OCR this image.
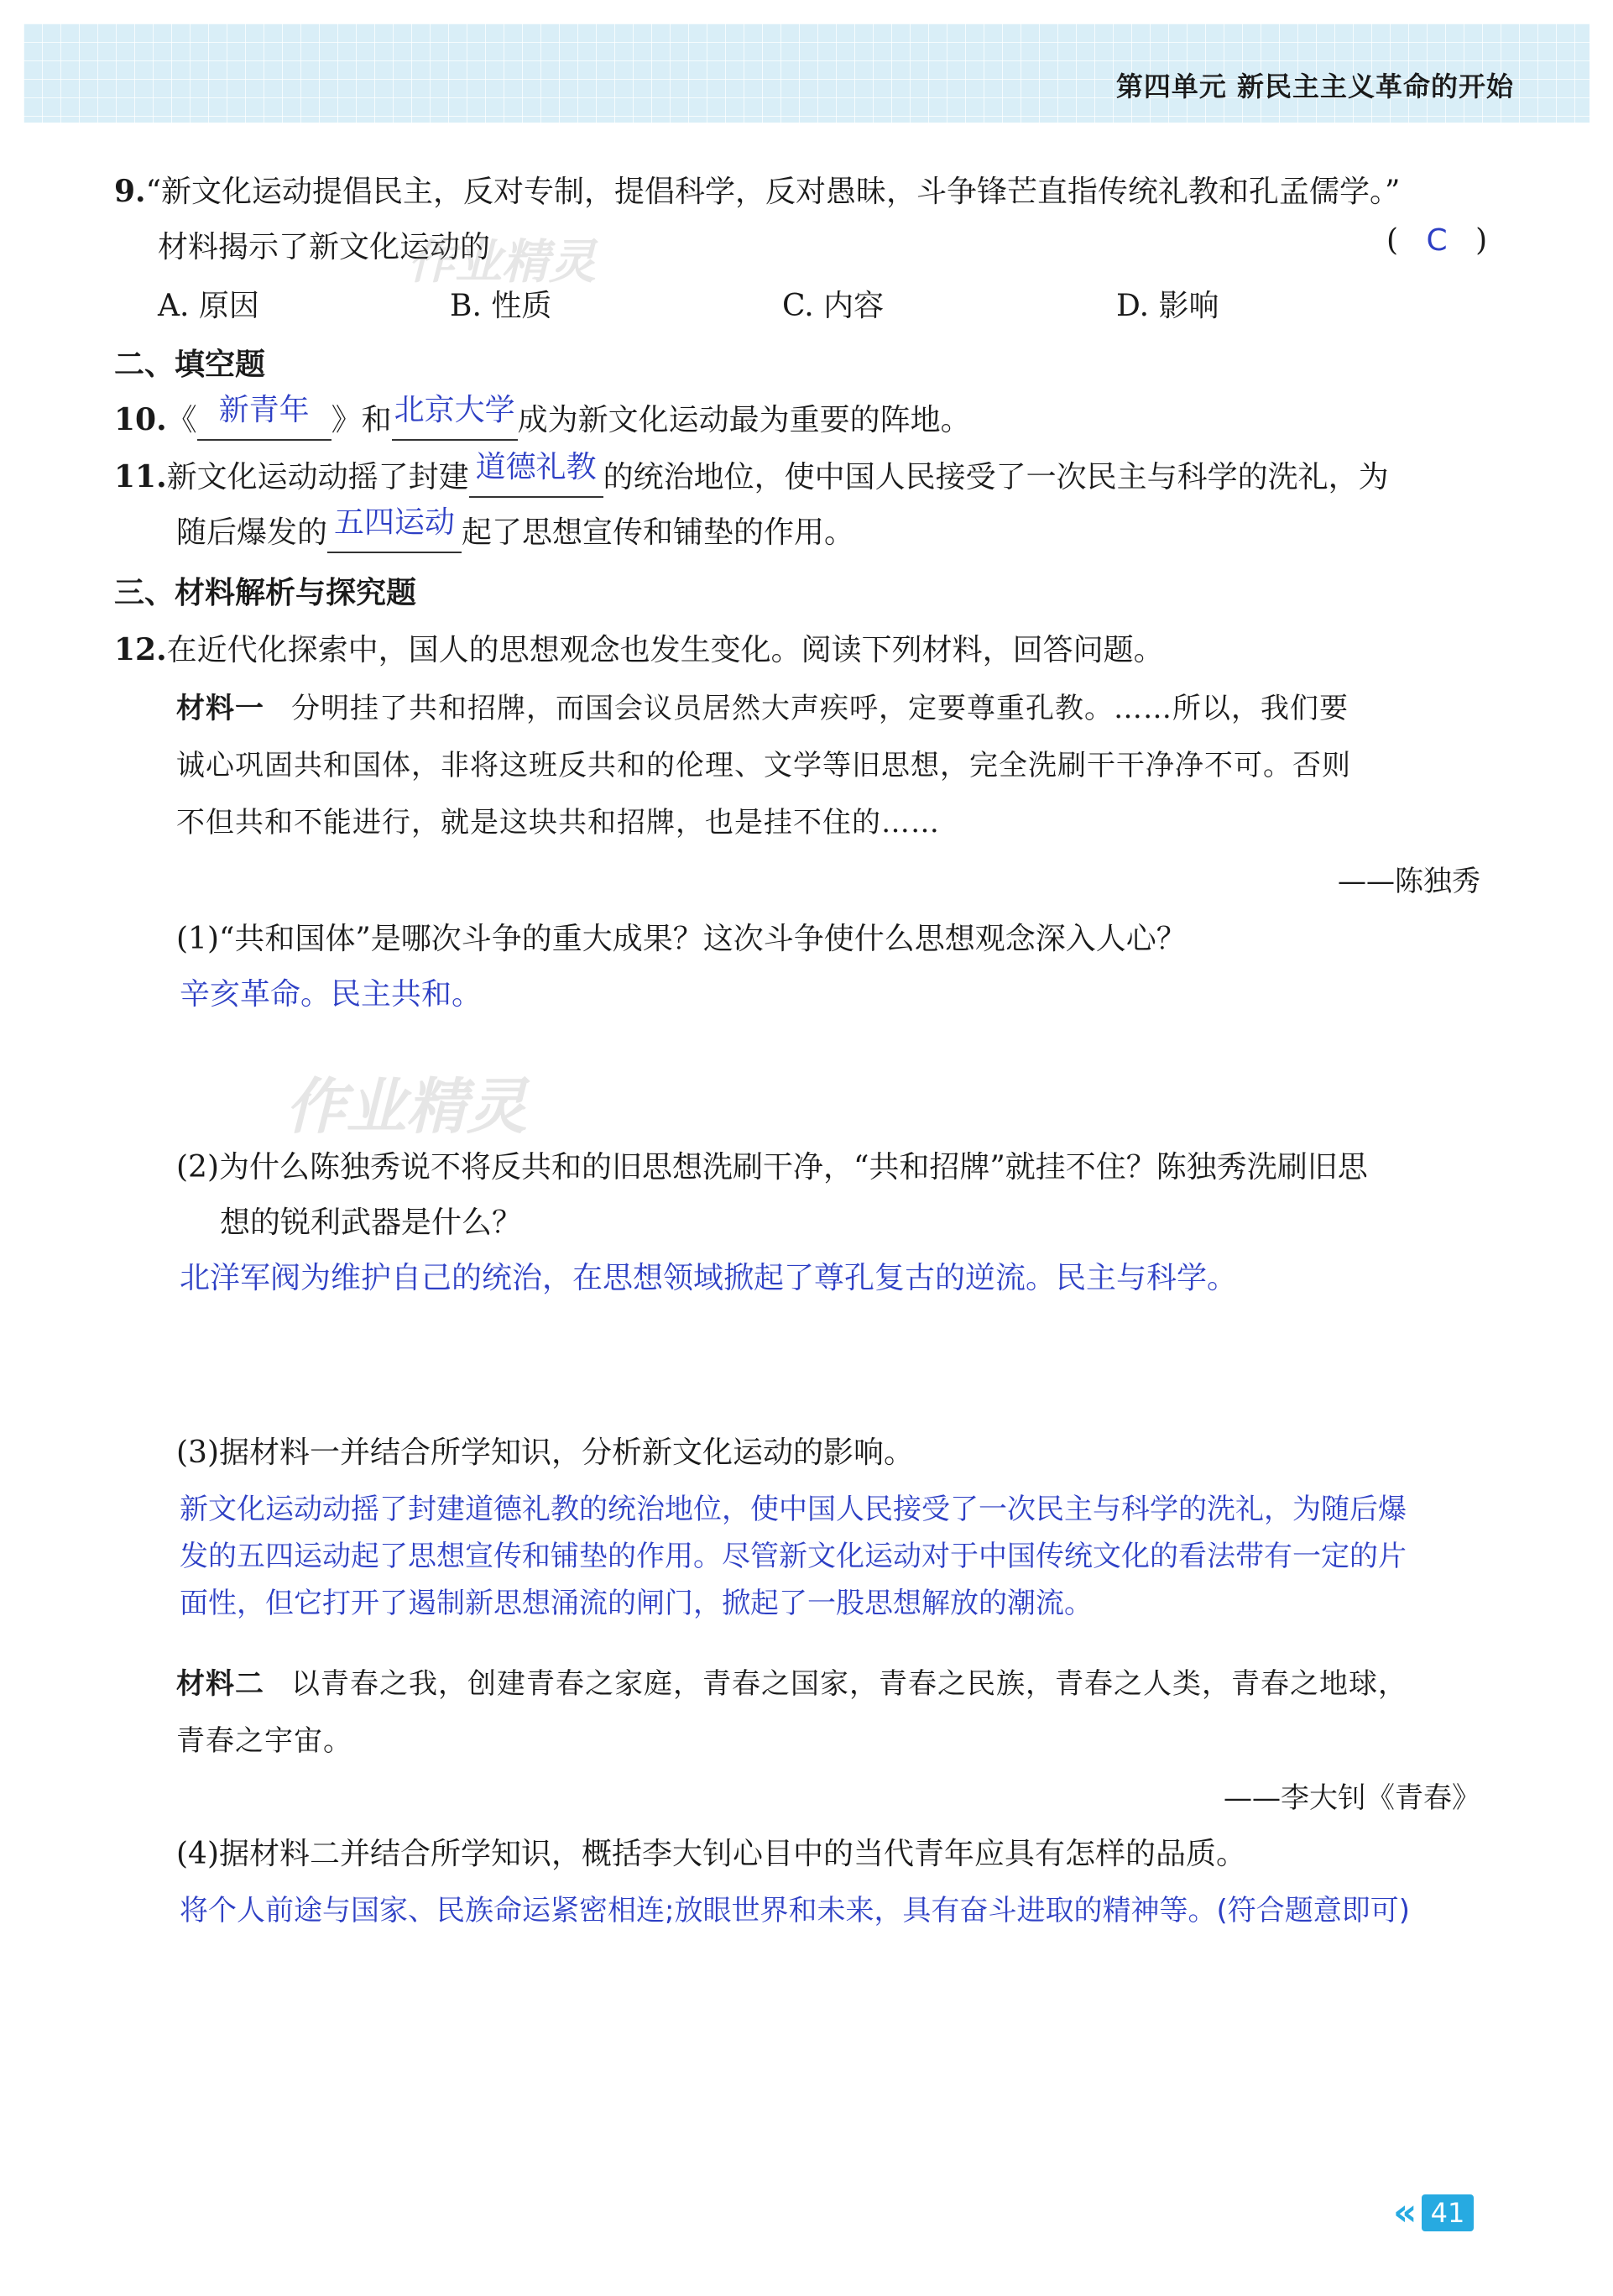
第四单元 新民主主义革命的开始
9.“新文化运动提倡民主，反对专制，提倡科学，反对愚昧，斗争锋芒直指传统礼教和孔孟儒学。”
材料揭示了新文化运动的	( C )
A. 原因	B. 性质	C. 内容	D. 影响
二、填空题
10.《 新青年 》和北京大学成为新文化运动最为重要的阵地。
11.新文化运动动摇了封建 道德礼教 的统治地位，使中国人民接受了一次民主与科学的洗礼，为
随后爆发的 五四运动 起了思想宣传和铺垫的作用。
三、材料解析与探究题
12.在近代化探索中，国人的思想观念也发生变化。阅读下列材料，回答问题。
材料一 分明挂了共和招牌，而国会议员居然大声疾呼，定要尊重孔教。……所以，我们要
诚心巩固共和国体，非将这班反共和的伦理、文学等旧思想，完全洗刷干干净净不可。否则
不但共和不能进行，就是这块共和招牌，也是挂不住的……
——陈独秀
(1)“共和国体”是哪次斗争的重大成果？这次斗争使什么思想观念深入人心？
辛亥革命。民主共和。
(2)为什么陈独秀说不将反共和的旧思想洗刷干净，“共和招牌”就挂不住？陈独秀洗刷旧思
想的锐利武器是什么？
北洋军阀为维护自己的统治，在思想领域掀起了尊孔复古的逆流。民主与科学。
(3)据材料一并结合所学知识，分析新文化运动的影响。
新文化运动动摇了封建道德礼教的统治地位，使中国人民接受了一次民主与科学的洗礼，为随后爆
发的五四运动起了思想宣传和铺垫的作用。尽管新文化运动对于中国传统文化的看法带有一定的片
面性，但它打开了遏制新思想涌流的闸门，掀起了一股思想解放的潮流。
材料二 以青春之我，创建青春之家庭，青春之国家，青春之民族，青春之人类，青春之地球，
青春之宇宙。
——李大钊《青春》
(4)据材料二并结合所学知识，概括李大钊心目中的当代青年应具有怎样的品质。
将个人前途与国家、民族命运紧密相连;放眼世界和未来，具有奋斗进取的精神等。(符合题意即可)
作业精灵
作业精灵
« 41
